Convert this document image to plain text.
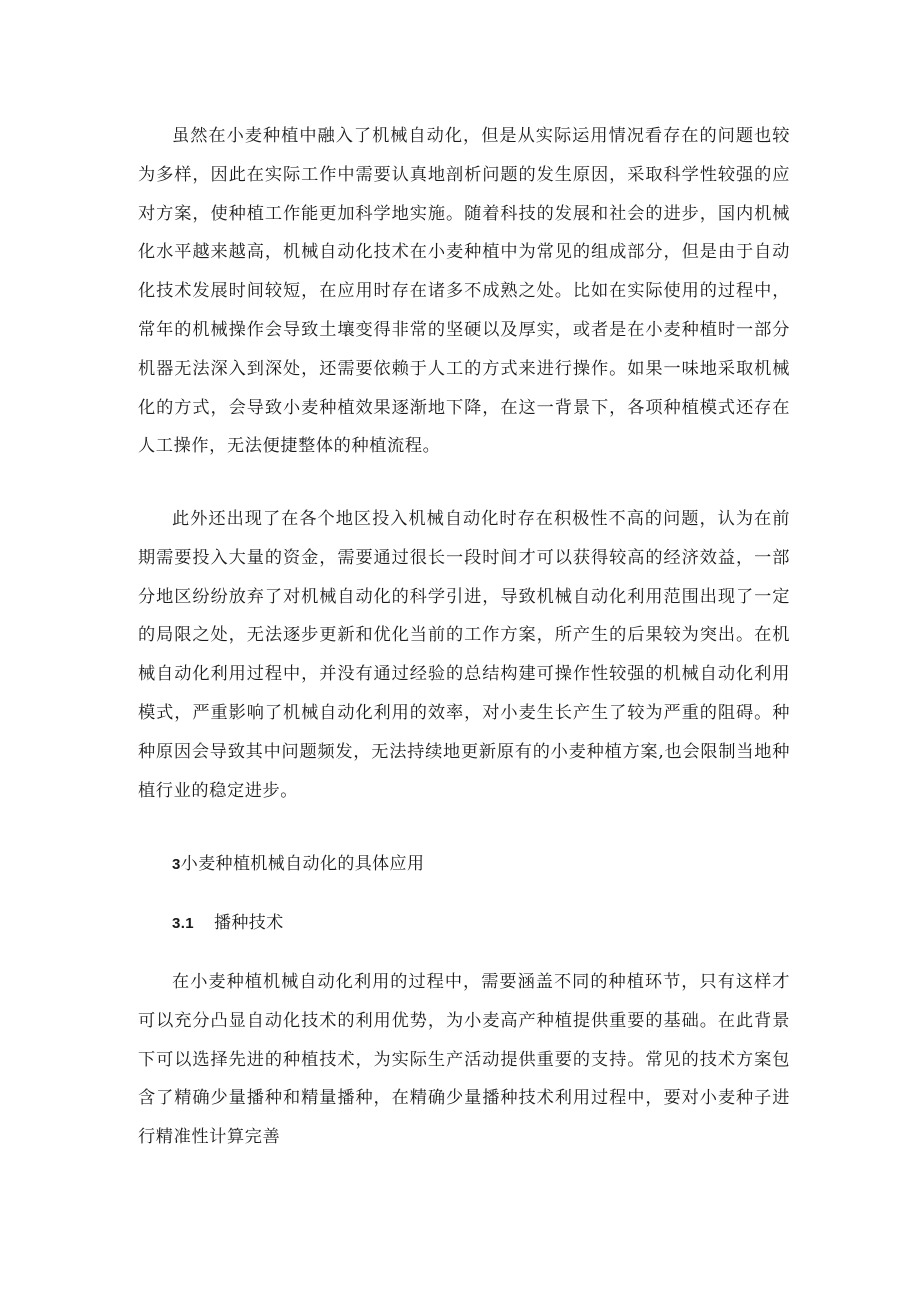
虽然在小麦种植中融入了机械自动化，但是从实际运用情况看存在的问题也较为多样，因此在实际工作中需要认真地剖析问题的发生原因，采取科学性较强的应对方案，使种植工作能更加科学地实施。随着科技的发展和社会的进步，国内机械化水平越来越高，机械自动化技术在小麦种植中为常见的组成部分，但是由于自动化技术发展时间较短，在应用时存在诸多不成熟之处。比如在实际使用的过程中，常年的机械操作会导致土壤变得非常的坚硬以及厚实，或者是在小麦种植时一部分机器无法深入到深处，还需要依赖于人工的方式来进行操作。如果一味地采取机械化的方式，会导致小麦种植效果逐渐地下降，在这一背景下，各项种植模式还存在人工操作，无法便捷整体的种植流程。

此外还出现了在各个地区投入机械自动化时存在积极性不高的问题，认为在前期需要投入大量的资金，需要通过很长一段时间才可以获得较高的经济效益，一部分地区纷纷放弃了对机械自动化的科学引进，导致机械自动化利用范围出现了一定的局限之处，无法逐步更新和优化当前的工作方案，所产生的后果较为突出。在机械自动化利用过程中，并没有通过经验的总结构建可操作性较强的机械自动化利用模式，严重影响了机械自动化利用的效率，对小麦生长产生了较为严重的阻碍。种种原因会导致其中问题频发，无法持续地更新原有的小麦种植方案,也会限制当地种植行业的稳定进步。

3小麦种植机械自动化的具体应用
3.1 播种技术

在小麦种植机械自动化利用的过程中，需要涵盖不同的种植环节，只有这样才可以充分凸显自动化技术的利用优势，为小麦高产种植提供重要的基础。在此背景下可以选择先进的种植技术，为实际生产活动提供重要的支持。常见的技术方案包含了精确少量播种和精量播种，在精确少量播种技术利用过程中，要对小麦种子进行精准性计算完善
